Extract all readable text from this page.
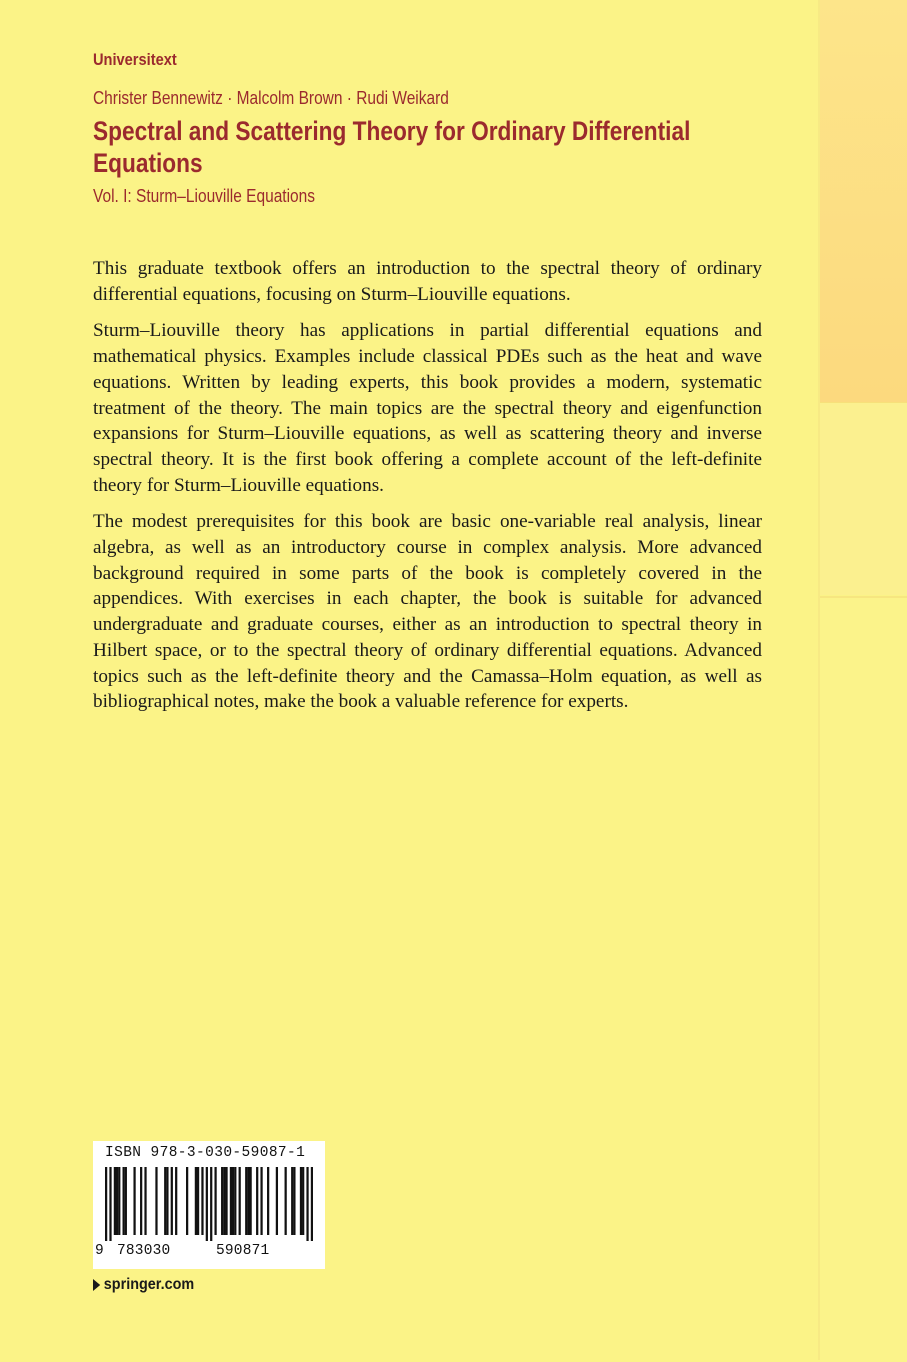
Universitext
Christer Bennewitz · Malcolm Brown · Rudi Weikard
Spectral and Scattering Theory for Ordinary Differential Equations
Vol. I: Sturm–Liouville Equations

This graduate textbook offers an introduction to the spectral theory of ordinary differential equations, focusing on Sturm–Liouville equations.

Sturm–Liouville theory has applications in partial differential equations and mathematical physics. Examples include classical PDEs such as the heat and wave equations. Written by leading experts, this book provides a modern, systematic treatment of the theory. The main topics are the spectral theory and eigenfunction expansions for Sturm–Liouville equations, as well as scattering theory and inverse spectral theory. It is the first book offering a complete account of the left-definite theory for Sturm–Liouville equations.

The modest prerequisites for this book are basic one-variable real analysis, linear algebra, as well as an introductory course in complex analysis. More advanced background required in some parts of the book is completely covered in the appendices. With exercises in each chapter, the book is suitable for advanced undergraduate and graduate courses, either as an introduction to spectral theory in Hilbert space, or to the spectral theory of ordinary differential equations. Advanced topics such as the left-definite theory and the Camassa–Holm equation, as well as bibliographical notes, make the book a valuable reference for experts.

ISBN 978-3-030-59087-1
9 783030	590871
springer.com
